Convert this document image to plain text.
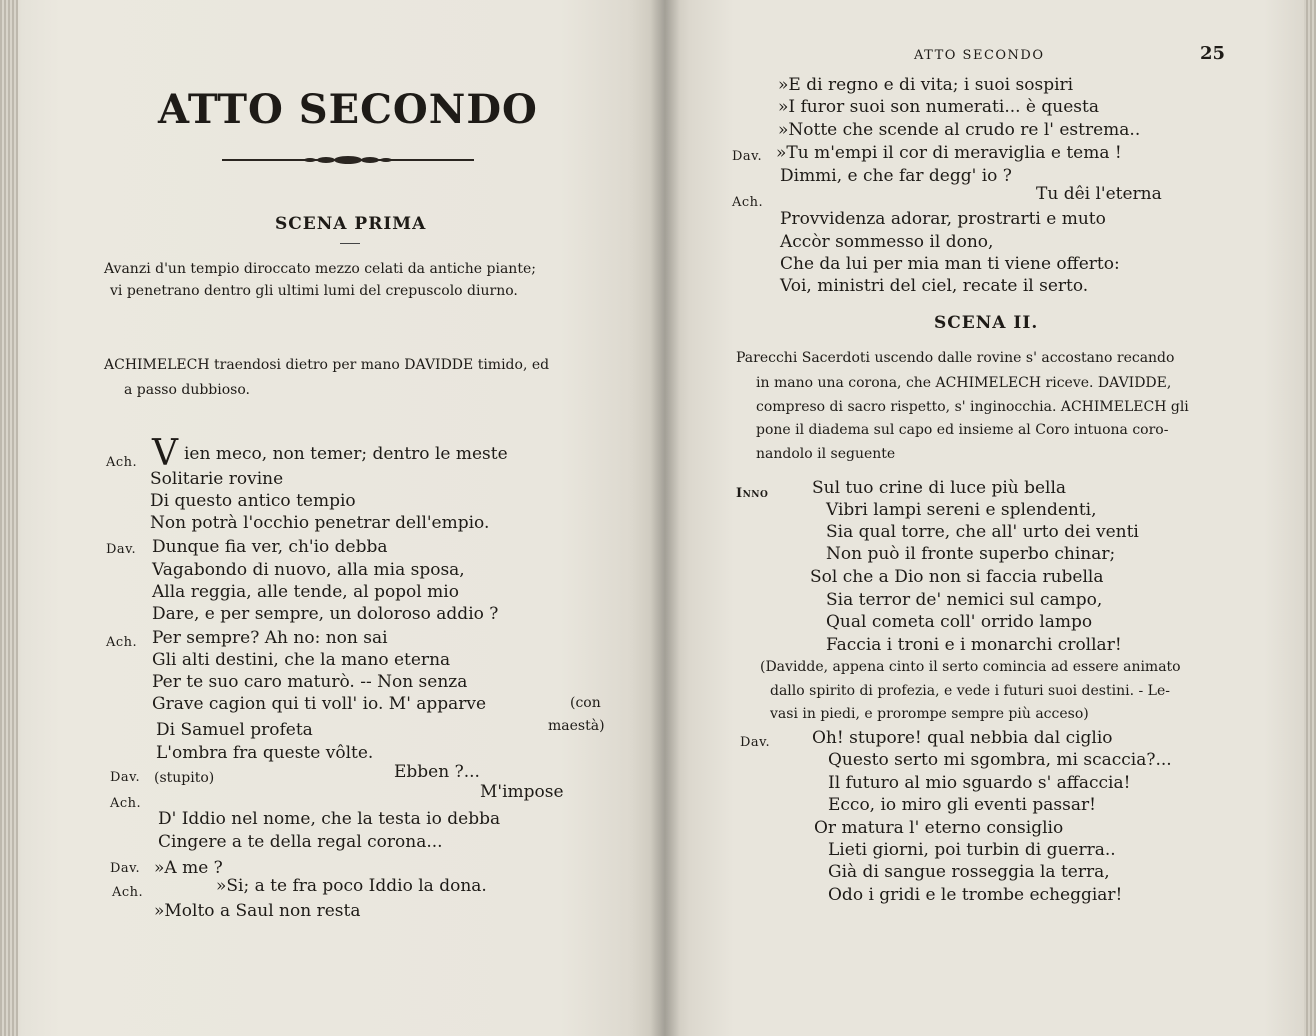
ATTO SECONDO
SCENA PRIMA
Avanzi d'un tempio diroccato mezzo celati da antiche piante;
vi penetrano dentro gli ultimi lumi del crepuscolo diurno.
ACHIMELECH traendosi dietro per mano DAVIDDE timido, ed
a passo dubbioso.
V
Ach.	ien meco, non temer; dentro le meste
Solitarie rovine
Di questo antico tempio
Non potrà l'occhio penetrar dell'empio.
Dav. Dunque fia ver, ch'io debba
Vagabondo di nuovo, alla mia sposa,
Alla reggia, alle tende, al popol mio
Dare, e per sempre, un doloroso addio ?
Ach. Per sempre? Ah no: non sai
Gli alti destini, che la mano eterna
Per te suo caro maturò. -- Non senza
Grave cagion qui ti voll' io. M' apparve	(con
Di Samuel profeta	maestà)
L'ombra fra queste vôlte.
Dav. (stupito)	Ebben ?...
Ach.
M'impose
D' Iddio nel nome, che la testa io debba
Cingere a te della regal corona...
Dav. »A me ?
Ach.	»Si; a te fra poco Iddio la dona.
»Molto a Saul non resta
ATTO SECONDO	25
»E di regno e di vita; i suoi sospiri
»I furor suoi son numerati... è questa
»Notte che scende al crudo re l' estrema..
Dav. »Tu m'empi il cor di meraviglia e tema !
Dimmi, e che far degg' io ?
Ach.	Tu dêi l'eterna
Provvidenza adorar, prostrarti e muto
Accòr sommesso il dono,
Che da lui per mia man ti viene offerto:
Voi, ministri del ciel, recate il serto.
SCENA II.
Parecchi Sacerdoti uscendo dalle rovine s' accostano recando
in mano una corona, che ACHIMELECH riceve. DAVIDDE,
compreso di sacro rispetto, s' inginocchia. ACHIMELECH gli
pone il diadema sul capo ed insieme al Coro intuona coro-
nandolo il seguente
Inno	Sul tuo crine di luce più bella
Vibri lampi sereni e splendenti,
Sia qual torre, che all' urto dei venti
Non può il fronte superbo chinar;
Sol che a Dio non si faccia rubella
Sia terror de' nemici sul campo,
Qual cometa coll' orrido lampo
Faccia i troni e i monarchi crollar!
(Davidde, appena cinto il serto comincia ad essere animato
dallo spirito di profezia, e vede i futuri suoi destini. - Le-
vasi in piedi, e prorompe sempre più acceso)
Dav. Oh! stupore! qual nebbia dal ciglio
Questo serto mi sgombra, mi scaccia?...
Il futuro al mio sguardo s' affaccia!
Ecco, io miro gli eventi passar!
Or matura l' eterno consiglio
Lieti giorni, poi turbin di guerra..
Già di sangue rosseggia la terra,
Odo i gridi e le trombe echeggiar!
